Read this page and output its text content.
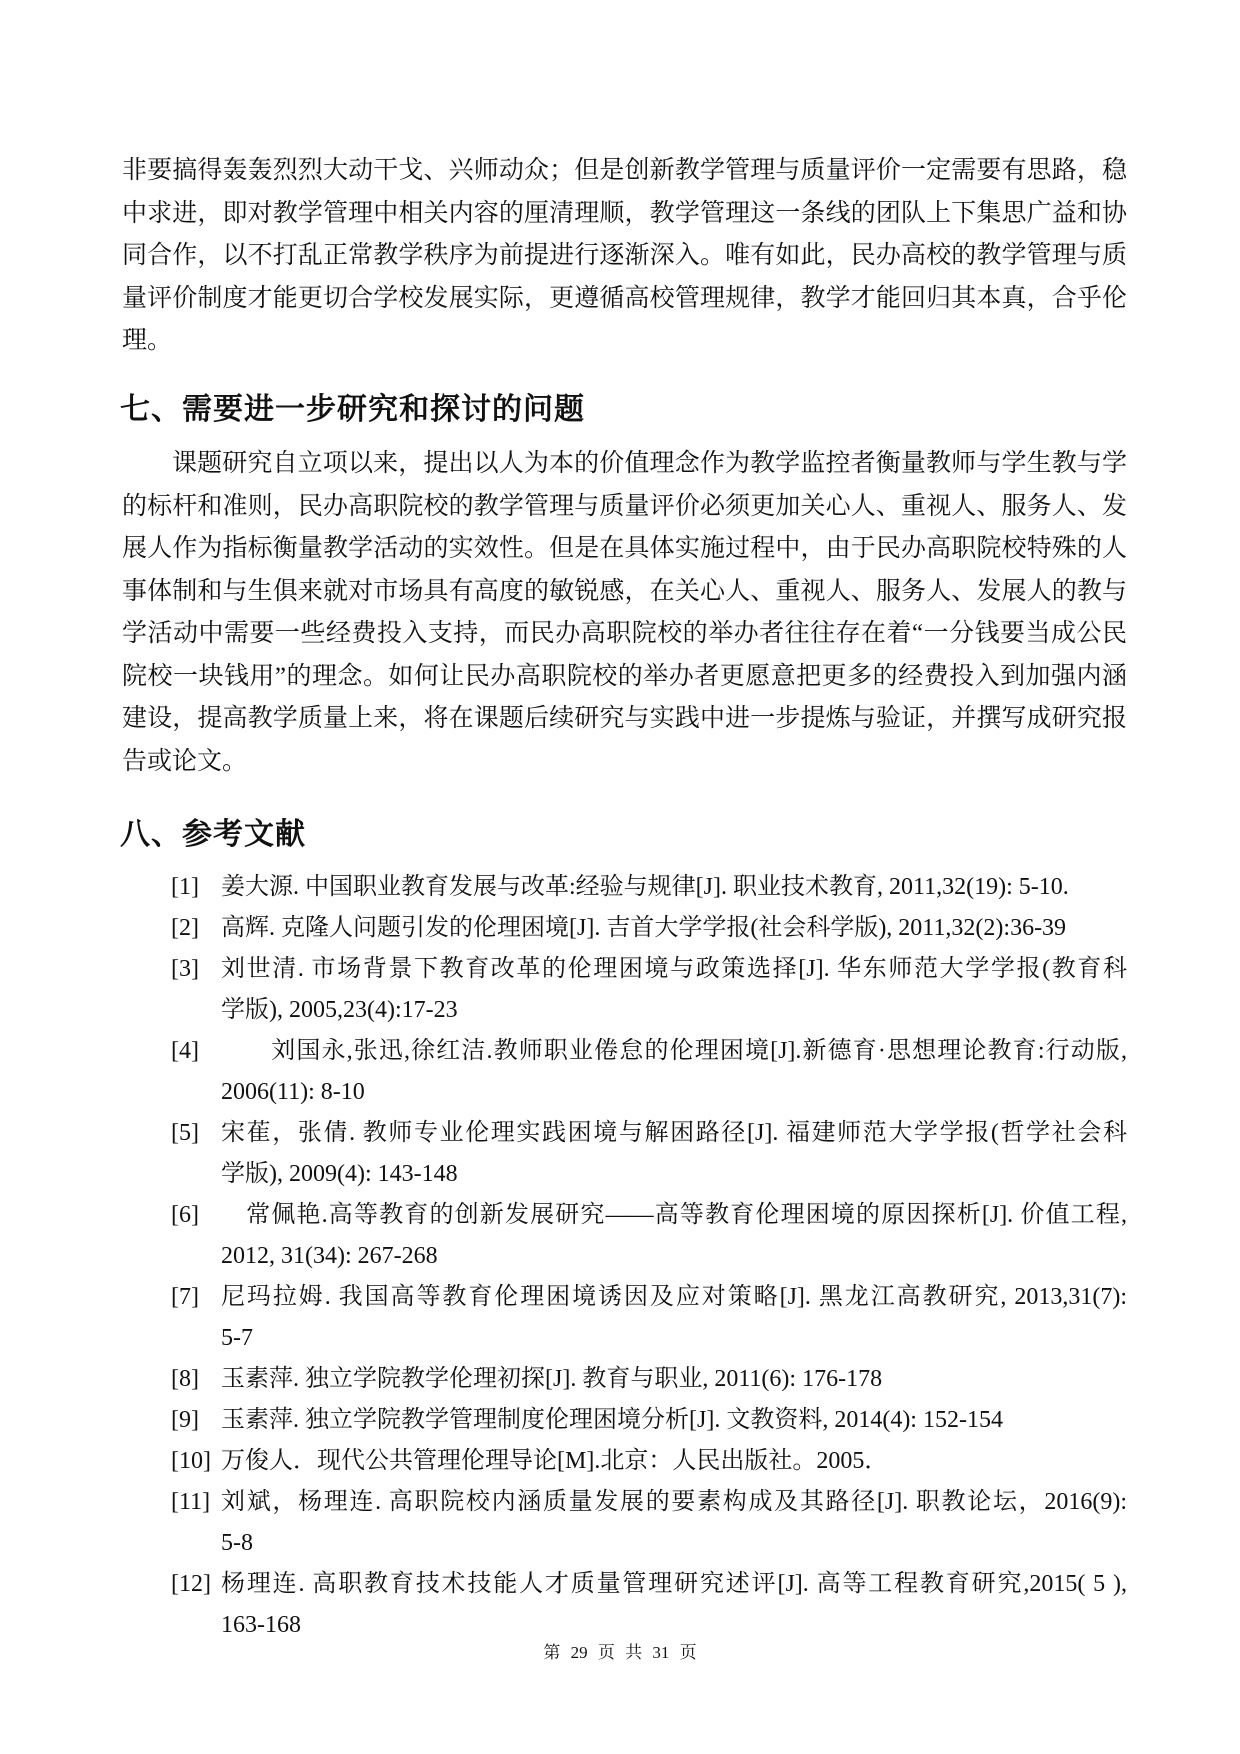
非要搞得轰轰烈烈大动干戈、兴师动众；但是创新教学管理与质量评价一定需要有思路，稳
中求进，即对教学管理中相关内容的厘清理顺，教学管理这一条线的团队上下集思广益和协
同合作，以不打乱正常教学秩序为前提进行逐渐深入。唯有如此，民办高校的教学管理与质
量评价制度才能更切合学校发展实际，更遵循高校管理规律，教学才能回归其本真，合乎伦
理。
七、需要进一步研究和探讨的问题
课题研究自立项以来，提出以人为本的价值理念作为教学监控者衡量教师与学生教与学
的标杆和准则，民办高职院校的教学管理与质量评价必须更加关心人、重视人、服务人、发
展人作为指标衡量教学活动的实效性。但是在具体实施过程中，由于民办高职院校特殊的人
事体制和与生俱来就对市场具有高度的敏锐感，在关心人、重视人、服务人、发展人的教与
学活动中需要一些经费投入支持，而民办高职院校的举办者往往存在着“一分钱要当成公民
院校一块钱用”的理念。如何让民办高职院校的举办者更愿意把更多的经费投入到加强内涵
建设，提高教学质量上来，将在课题后续研究与实践中进一步提炼与验证，并撰写成研究报
告或论文。
八、参考文献
[1] 姜大源. 中国职业教育发展与改革:经验与规律[J]. 职业技术教育, 2011,32(19): 5-10.
[2] 高辉. 克隆人问题引发的伦理困境[J]. 吉首大学学报(社会科学版), 2011,32(2):36-39
[3] 刘世清. 市场背景下教育改革的伦理困境与政策选择[J]. 华东师范大学学报(教育科
学版), 2005,23(4):17-23
[4] 　　刘国永,张迅,徐红洁.教师职业倦怠的伦理困境[J].新德育·思想理论教育:行动版,
2006(11): 8-10
[5] 宋萑，张倩. 教师专业伦理实践困境与解困路径[J]. 福建师范大学学报(哲学社会科
学版), 2009(4): 143-148
[6] 　常佩艳.高等教育的创新发展研究——高等教育伦理困境的原因探析[J]. 价值工程,
2012, 31(34): 267-268
[7] 尼玛拉姆. 我国高等教育伦理困境诱因及应对策略[J]. 黑龙江高教研究, 2013,31(7):
5-7
[8] 玉素萍. 独立学院教学伦理初探[J]. 教育与职业, 2011(6): 176-178
[9] 玉素萍. 独立学院教学管理制度伦理困境分析[J]. 文教资料, 2014(4): 152-154
[10] 万俊人．现代公共管理伦理导论[M].北京：人民出版社。2005．
[11] 刘斌，杨理连. 高职院校内涵质量发展的要素构成及其路径[J]. 职教论坛，2016(9):
5-8
[12] 杨理连. 高职教育技术技能人才质量管理研究述评[J]. 高等工程教育研究,2015( 5 ),
163-168
第 29 页 共 31 页
